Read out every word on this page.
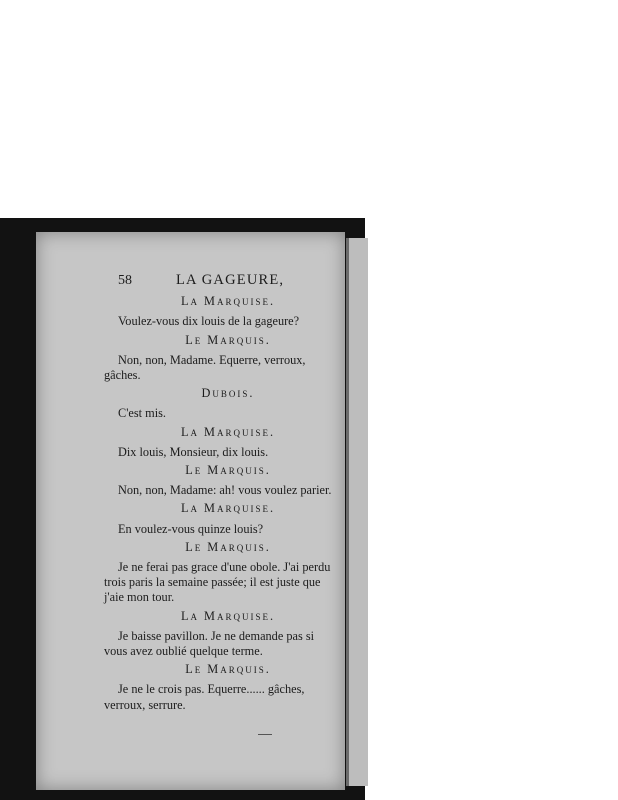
58	LA GAGEURE,
La Marquise.

Voulez-vous dix louis de la gageure?

Le Marquis.

Non, non, Madame. Equerre, verroux,

gâches.

Dubois.

C'est mis.

La Marquise.

Dix louis, Monsieur, dix louis.

Le Marquis.

Non, non, Madame: ah! vous voulez parier.

La Marquise.

En voulez-vous quinze louis?

Le Marquis.

Je ne ferai pas grace d'une obole. J'ai perdu

trois paris la semaine passée; il est juste que

j'aie mon tour.

La Marquise.

Je baisse pavillon. Je ne demande pas si

vous avez oublié quelque terme.

Le Marquis.

Je ne le crois pas. Equerre...... gâches,

verroux, serrure.
